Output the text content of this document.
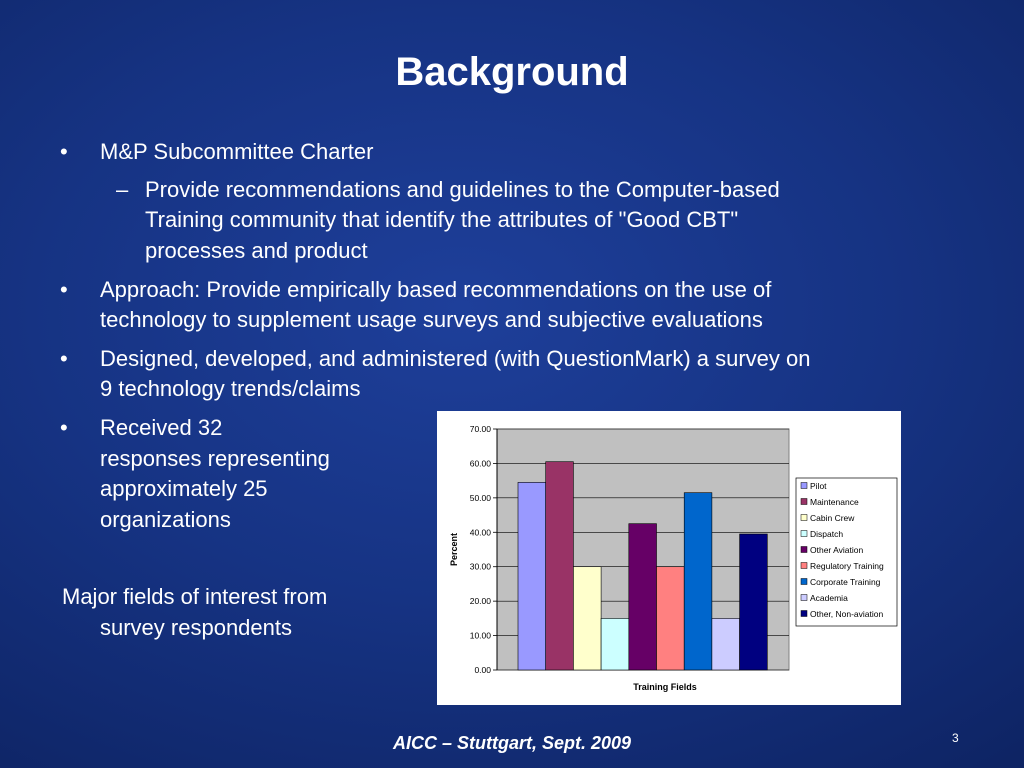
Background
• M&P Subcommittee Charter
– Provide recommendations and guidelines to the Computer-based
Training community that identify the attributes of "Good CBT"
processes and product
• Approach: Provide empirically based recommendations on the use of
technology to supplement usage surveys and subjective evaluations
• Designed, developed, and administered (with QuestionMark) a survey on
9 technology trends/claims
• Received 32
responses representing
approximately 25
organizations
Major fields of interest from
survey respondents
0.00
10.00
20.00
30.00
40.00
50.00
60.00
70.00
Percent
Training Fields
Pilot
Maintenance
Cabin Crew
Dispatch
Other Aviation
Regulatory Training
Corporate Training
Academia
Other, Non-aviation
AICC – Stuttgart, Sept. 2009	3
